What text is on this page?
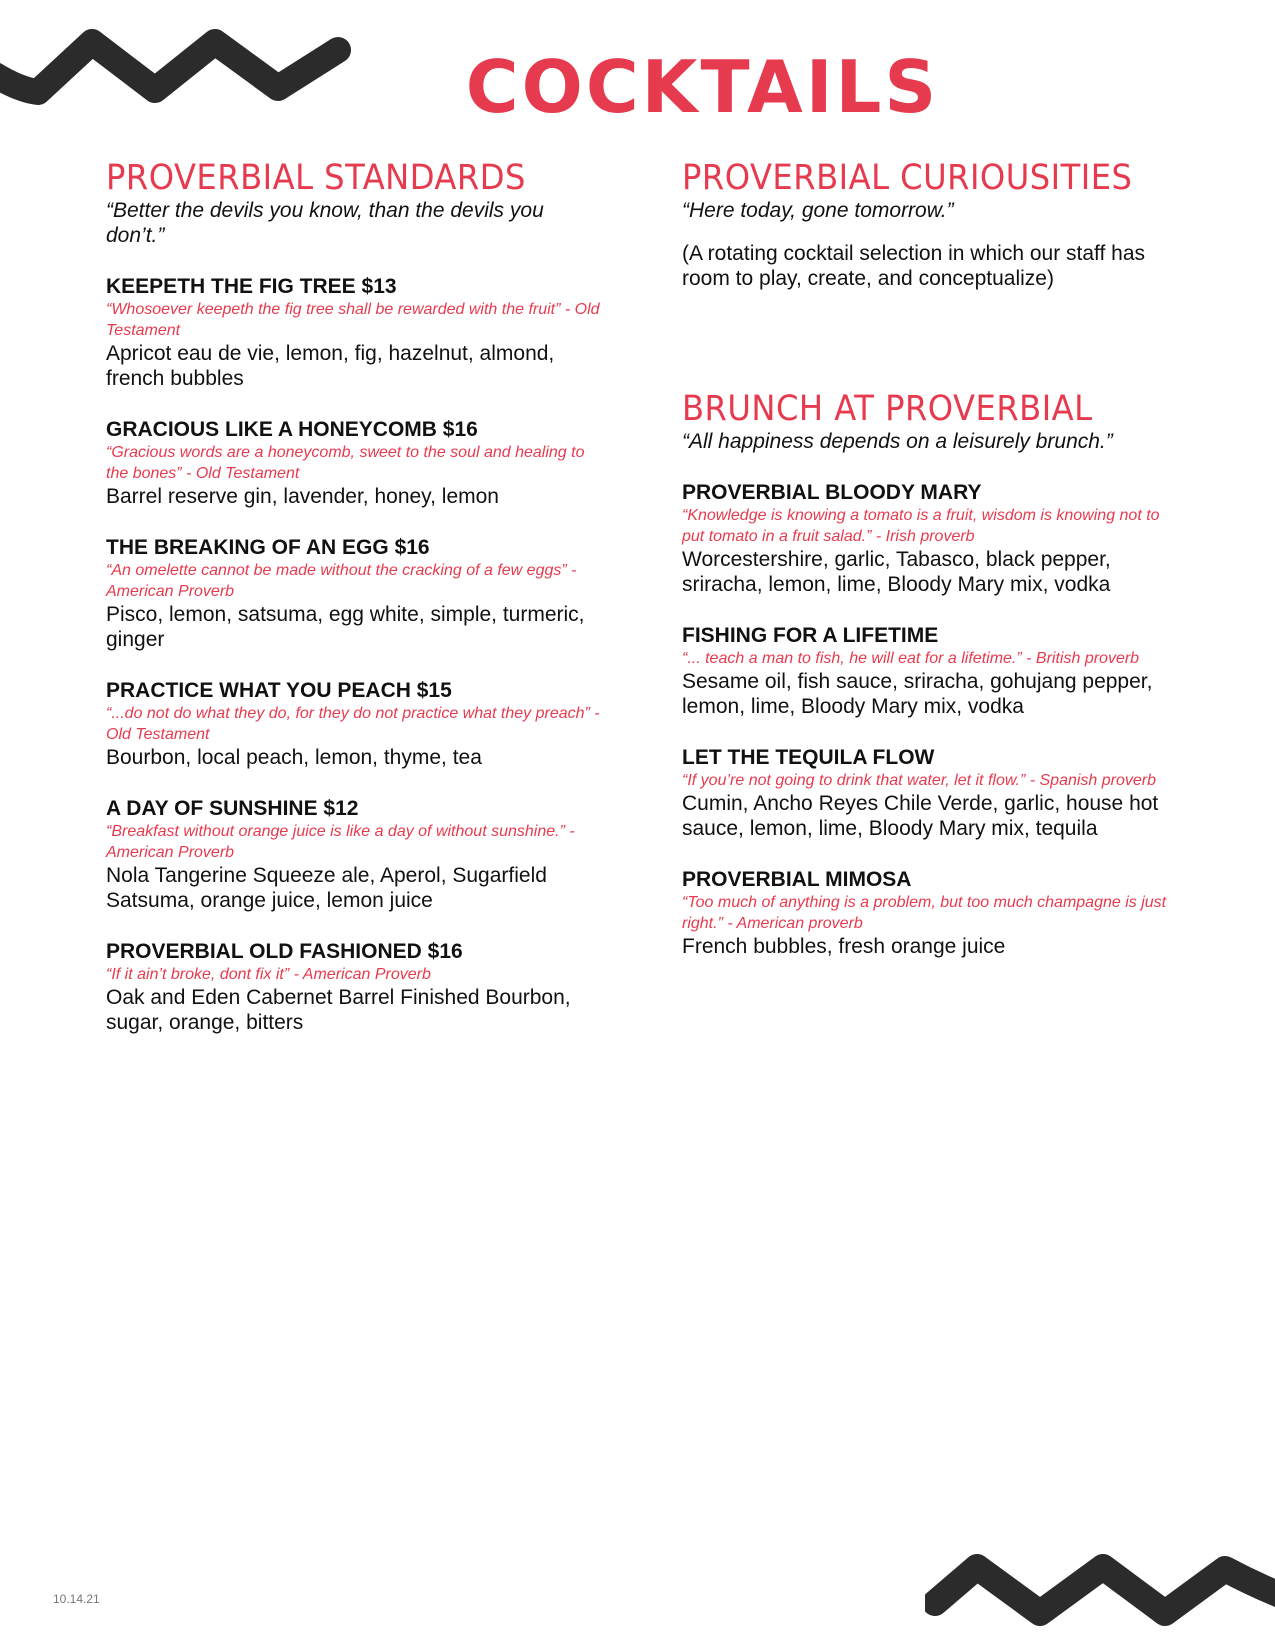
COCKTAILS
PROVERBIAL STANDARDS
“Better the devils you know, than the devils you don’t.”
KEEPETH THE FIG TREE $13
“Whosoever keepeth the fig tree shall be rewarded with the fruit” - Old Testament
Apricot eau de vie, lemon, fig, hazelnut, almond, french bubbles
GRACIOUS LIKE A HONEYCOMB $16
“Gracious words are a honeycomb, sweet to the soul and healing to the bones” - Old Testament
Barrel reserve gin, lavender, honey, lemon
THE BREAKING OF AN EGG $16
“An omelette cannot be made without the cracking of a few eggs” - American Proverb
Pisco, lemon, satsuma, egg white, simple, turmeric, ginger
PRACTICE WHAT YOU PEACH $15
“...do not do what they do, for they do not practice what they preach” - Old Testament
Bourbon, local peach, lemon, thyme, tea
A DAY OF SUNSHINE $12
“Breakfast without orange juice is like a day of without sunshine.” - American Proverb
Nola Tangerine Squeeze ale, Aperol, Sugarfield Satsuma, orange juice, lemon juice
PROVERBIAL OLD FASHIONED $16
“If it ain’t broke, dont fix it” - American Proverb
Oak and Eden Cabernet Barrel Finished Bourbon, sugar, orange, bitters
PROVERBIAL CURIOUSITIES
“Here today, gone tomorrow.”
(A rotating cocktail selection in which our staff has room to play, create, and conceptualize)
BRUNCH AT PROVERBIAL
“All happiness depends on a leisurely brunch.”
PROVERBIAL BLOODY MARY
“Knowledge is knowing a tomato is a fruit, wisdom is knowing not to put tomato in a fruit salad.” - Irish proverb
Worcestershire, garlic, Tabasco, black pepper, sriracha, lemon, lime, Bloody Mary mix, vodka
FISHING FOR A LIFETIME
“... teach a man to fish, he will eat for a lifetime.” - British proverb
Sesame oil, fish sauce, sriracha, gohujang pepper, lemon, lime, Bloody Mary mix, vodka
LET THE TEQUILA FLOW
“If you’re not going to drink that water, let it flow.” - Spanish proverb
Cumin, Ancho Reyes Chile Verde, garlic, house hot sauce, lemon, lime, Bloody Mary mix, tequila
PROVERBIAL MIMOSA
“Too much of anything is a problem, but too much champagne is just right.” - American proverb
French bubbles, fresh orange juice
10.14.21
